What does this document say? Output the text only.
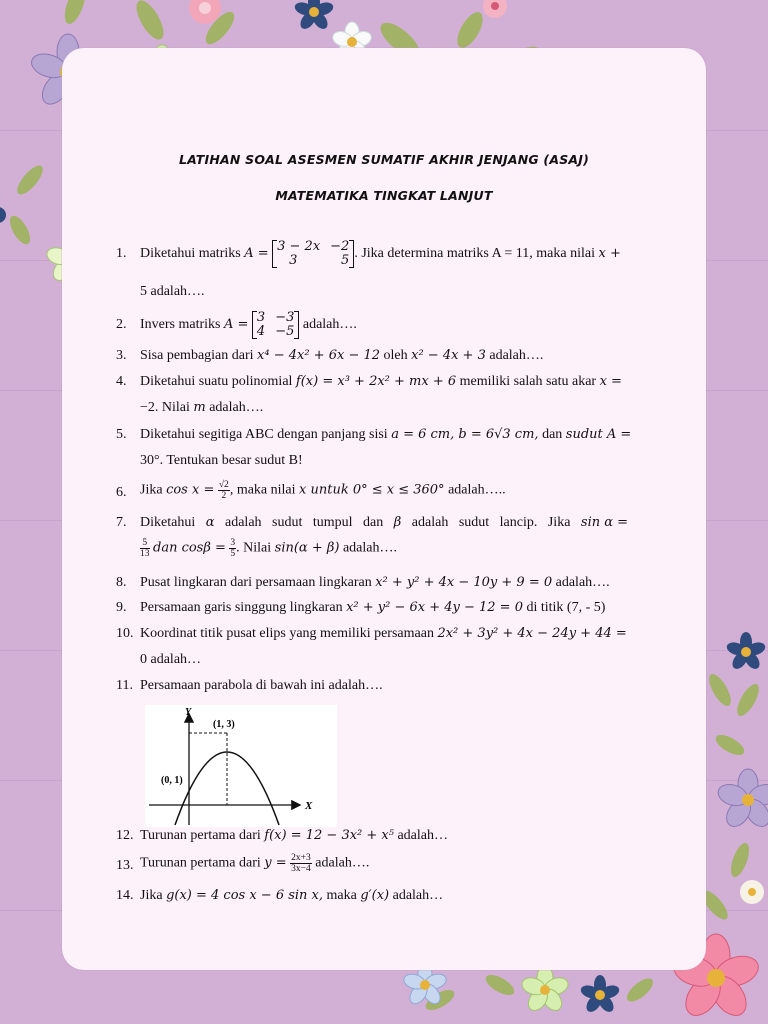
LATIHAN SOAL ASESMEN SUMATIF AKHIR JENJANG (ASAJ)
MATEMATIKA TINGKAT LANJUT
1. Diketahui matriks A = 3 − 2x −2
3	5 . Jika determina matriks A = 11, maka nilai x +
5 adalah….
2. Invers matriks A = 3 −3
4 −5 adalah….
3. Sisa pembagian dari x⁴ − 4x² + 6x − 12 oleh x² − 4x + 3 adalah….
4. Diketahui suatu polinomial f(x) = x³ + 2x² + mx + 6 memiliki salah satu akar x =
−2. Nilai m adalah….
5. Diketahui segitiga ABC dengan panjang sisi a = 6 cm, b = 6√3 cm, dan sudut A =
30°. Tentukan besar sudut B!
6. Jika $\cos x = \frac{√2}{2}$ , maka nilai x untuk 0° ≤ x ≤ 360° adalah…..
7. Diketahui α adalah sudut tumpul dan β adalah sudut lancip. Jika sin α =
$\frac{5}{13}$ dan $\cos\beta = \frac{3}{5}$ . Nilai sin(α + β) adalah….
8. Pusat lingkaran dari persamaan lingkaran x² + y² + 4x − 10y + 9 = 0 adalah….
9. Persamaan garis singgung lingkaran x² + y² − 6x + 4y − 12 = 0 di titik (7, - 5)
10. Koordinat titik pusat elips yang memiliki persamaan 2x² + 3y² + 4x − 24y + 44 =
0 adalah…
11. Persamaan parabola di bawah ini adalah….
12. Turunan pertama dari f(x) = 12 − 3x² + x⁵ adalah…
13. Turunan pertama dari $y = \frac{2x+3}{3x-4}$ adalah….
14. Jika g(x) = 4 cos x − 6 sin x, maka g′(x) adalah…
Y
X
(1, 3)
(0, 1)
